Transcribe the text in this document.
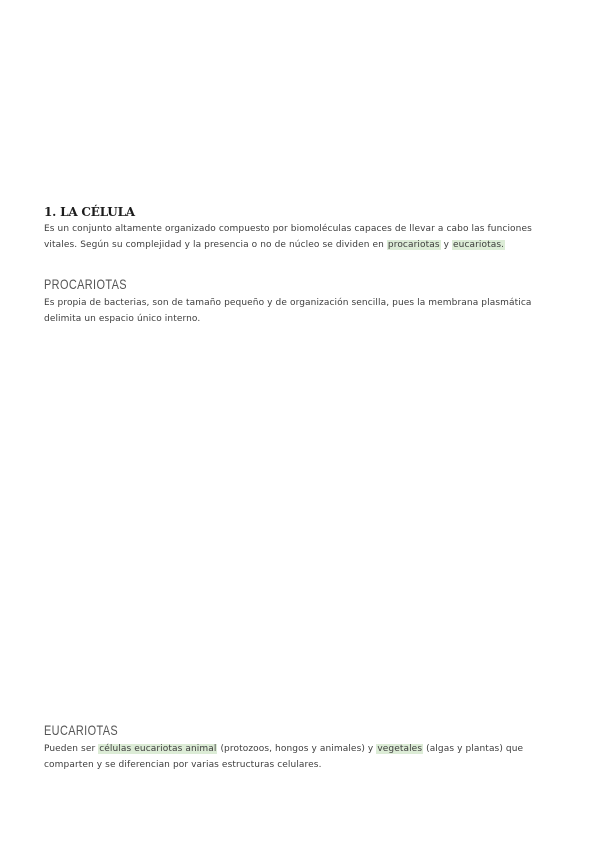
1. LA CÉLULA
Es un conjunto altamente organizado compuesto por biomoléculas capaces de llevar a cabo las funciones vitales. Según su complejidad y la presencia o no de núcleo se dividen en procariotas y eucariotas.
PROCARIOTAS
Es propia de bacterias, son de tamaño pequeño y de organización sencilla, pues la membrana plasmática delimita un espacio único interno.
EUCARIOTAS
Pueden ser células eucariotas animal (protozoos, hongos y animales) y vegetales (algas y plantas) que comparten y se diferencian por varias estructuras celulares.
